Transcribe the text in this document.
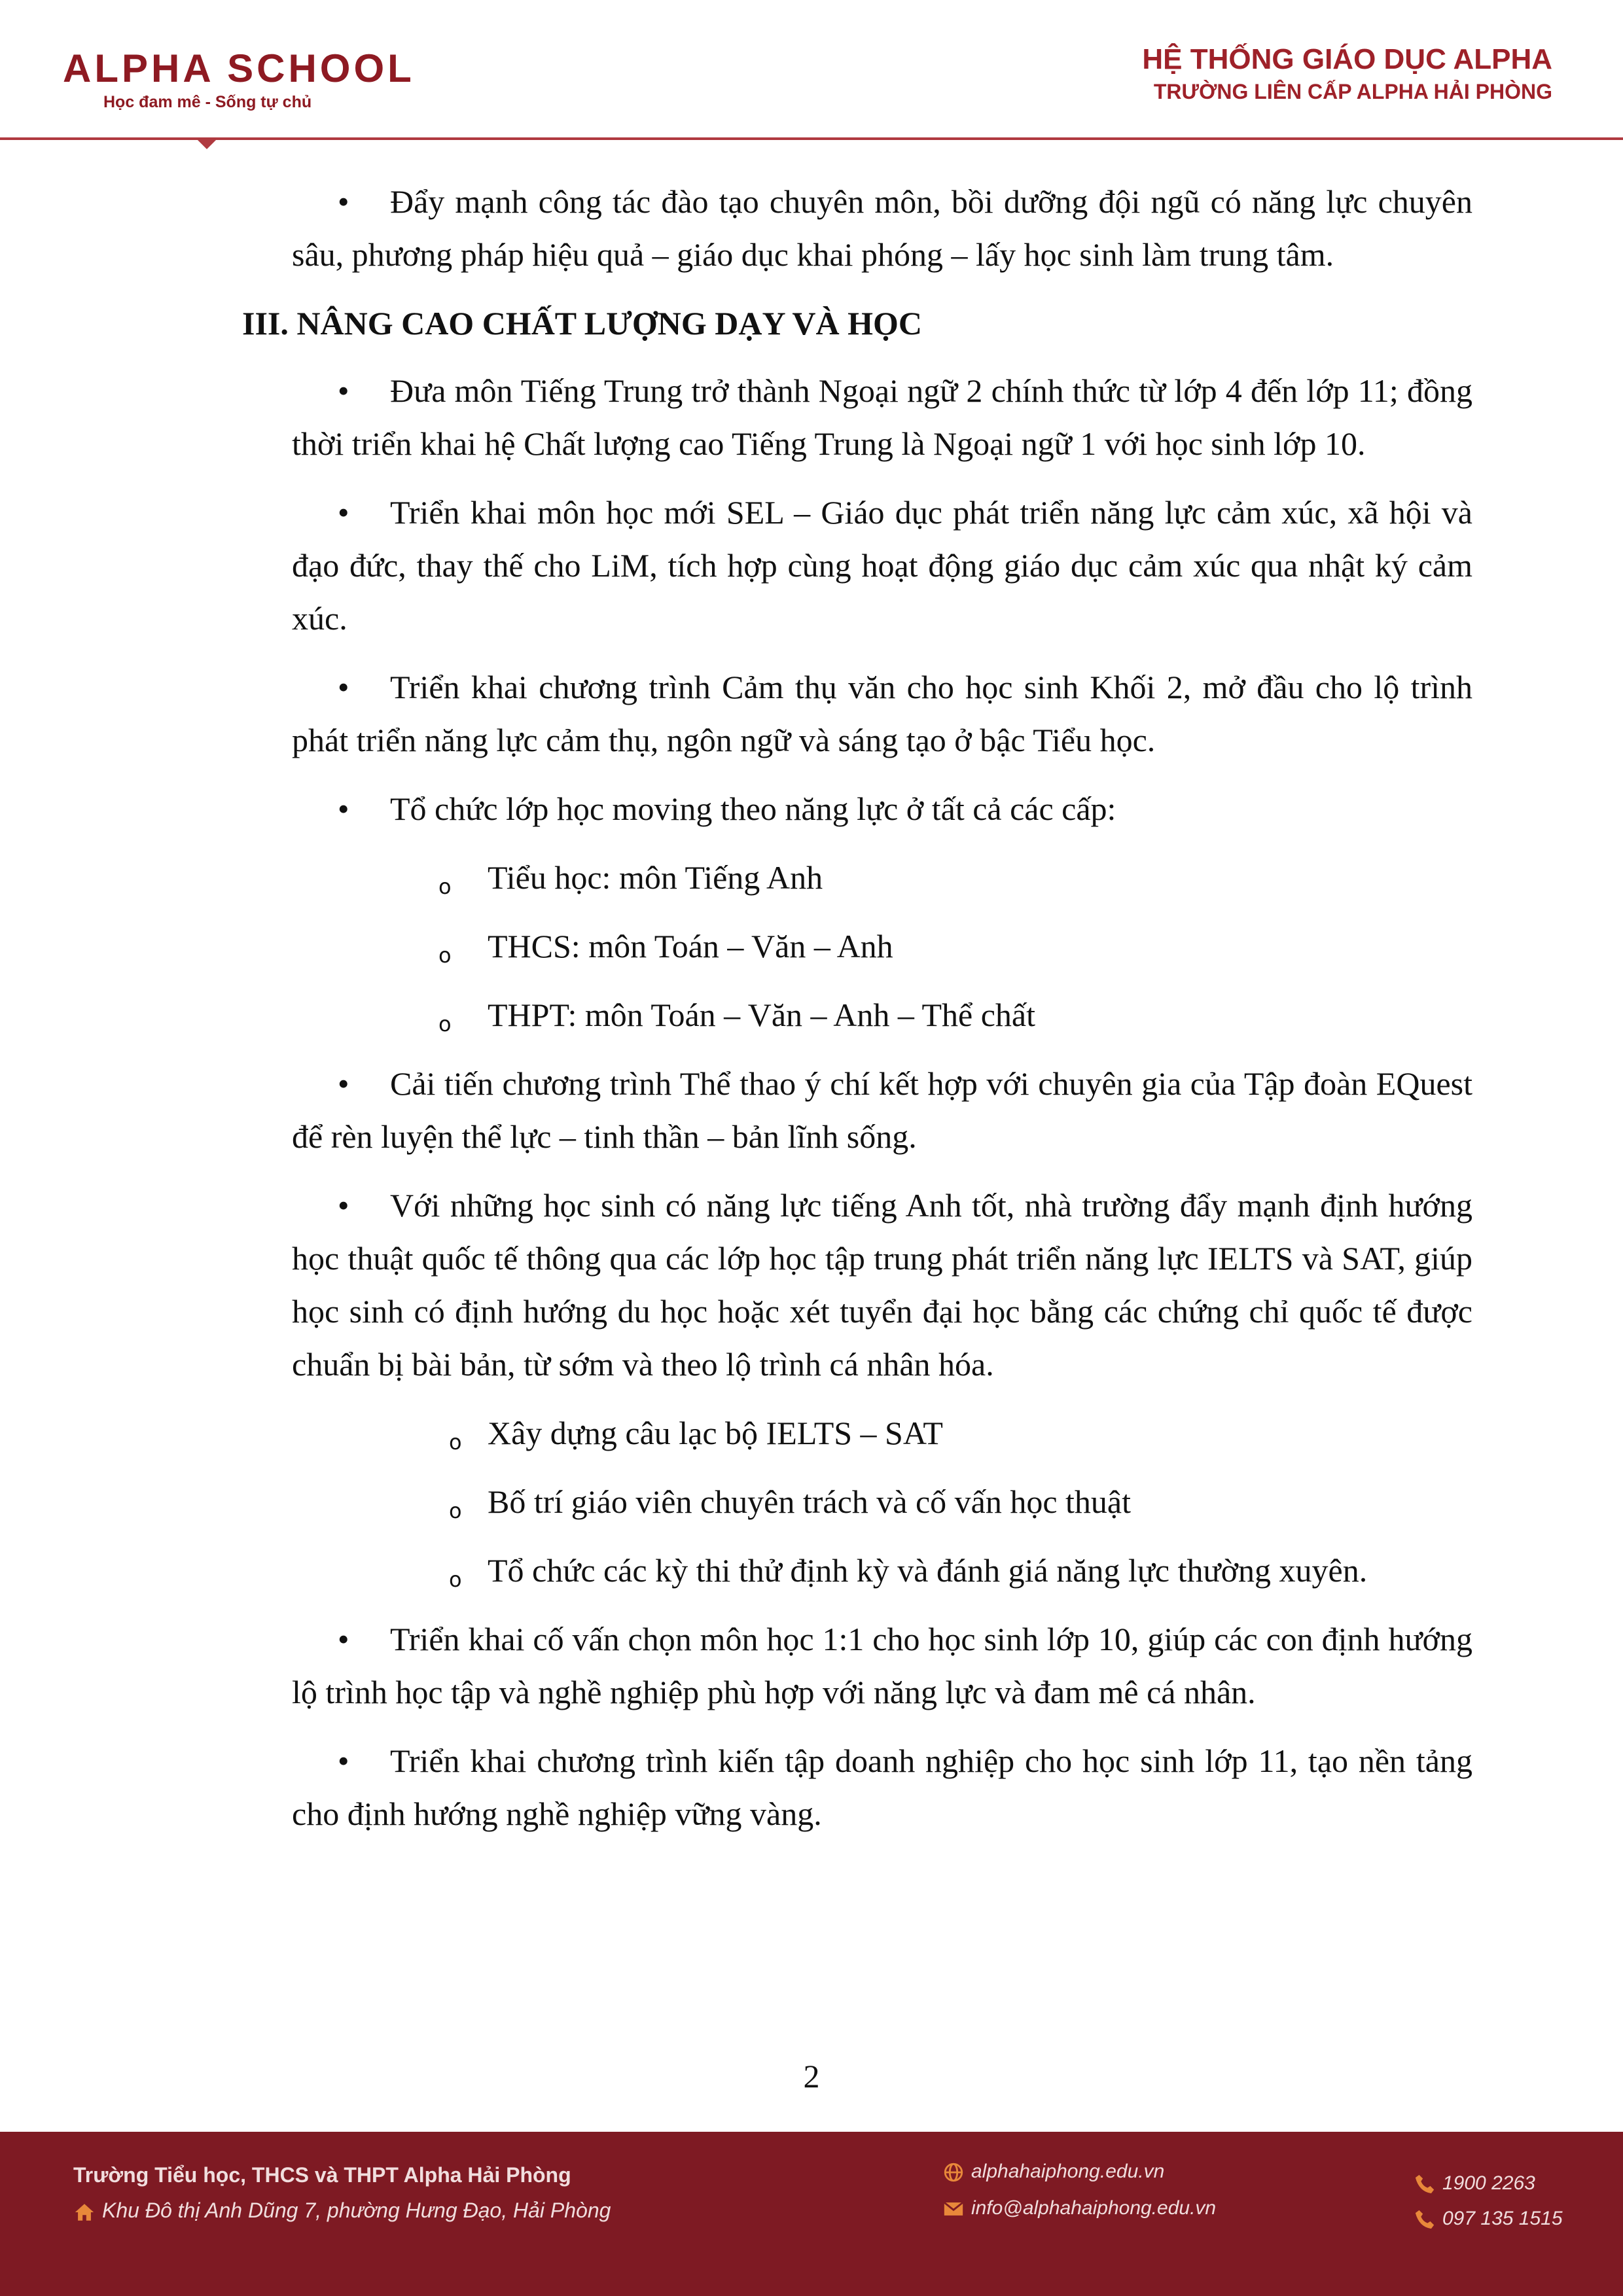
ALPHA SCHOOL
Học đam mê - Sống tự chủ
HỆ THỐNG GIÁO DỤC ALPHA
TRƯỜNG LIÊN CẤP ALPHA HẢI PHÒNG
•	Đẩy mạnh công tác đào tạo chuyên môn, bồi dưỡng đội ngũ có năng lực chuyên sâu, phương pháp hiệu quả – giáo dục khai phóng – lấy học sinh làm trung tâm.

III. NÂNG CAO CHẤT LƯỢNG DẠY VÀ HỌC
•	Đưa môn Tiếng Trung trở thành Ngoại ngữ 2 chính thức từ lớp 4 đến lớp 11; đồng thời triển khai hệ Chất lượng cao Tiếng Trung là Ngoại ngữ 1 với học sinh lớp 10.

•	Triển khai môn học mới SEL – Giáo dục phát triển năng lực cảm xúc, xã hội và đạo đức, thay thế cho LiM, tích hợp cùng hoạt động giáo dục cảm xúc qua nhật ký cảm xúc.

•	Triển khai chương trình Cảm thụ văn cho học sinh Khối 2, mở đầu cho lộ trình phát triển năng lực cảm thụ, ngôn ngữ và sáng tạo ở bậc Tiểu học.

•	Tổ chức lớp học moving theo năng lực ở tất cả các cấp:

o Tiểu học: môn Tiếng Anh
o THCS: môn Toán – Văn – Anh
o THPT: môn Toán – Văn – Anh – Thể chất
•	Cải tiến chương trình Thể thao ý chí kết hợp với chuyên gia của Tập đoàn EQuest để rèn luyện thể lực – tinh thần – bản lĩnh sống.

•	Với những học sinh có năng lực tiếng Anh tốt, nhà trường đẩy mạnh định hướng học thuật quốc tế thông qua các lớp học tập trung phát triển năng lực IELTS và SAT, giúp học sinh có định hướng du học hoặc xét tuyển đại học bằng các chứng chỉ quốc tế được chuẩn bị bài bản, từ sớm và theo lộ trình cá nhân hóa.

o Xây dựng câu lạc bộ IELTS – SAT
o Bố trí giáo viên chuyên trách và cố vấn học thuật
o Tổ chức các kỳ thi thử định kỳ và đánh giá năng lực thường xuyên.
•	Triển khai cố vấn chọn môn học 1:1 cho học sinh lớp 10, giúp các con định hướng lộ trình học tập và nghề nghiệp phù hợp với năng lực và đam mê cá nhân.

•	Triển khai chương trình kiến tập doanh nghiệp cho học sinh lớp 11, tạo nền tảng cho định hướng nghề nghiệp vững vàng.

2
Trường Tiểu học, THCS và THPT Alpha Hải Phòng
Khu Đô thị Anh Dũng 7, phường Hưng Đạo, Hải Phòng
alphahaiphong.edu.vn
info@alphahaiphong.edu.vn
1900 2263
097 135 1515
